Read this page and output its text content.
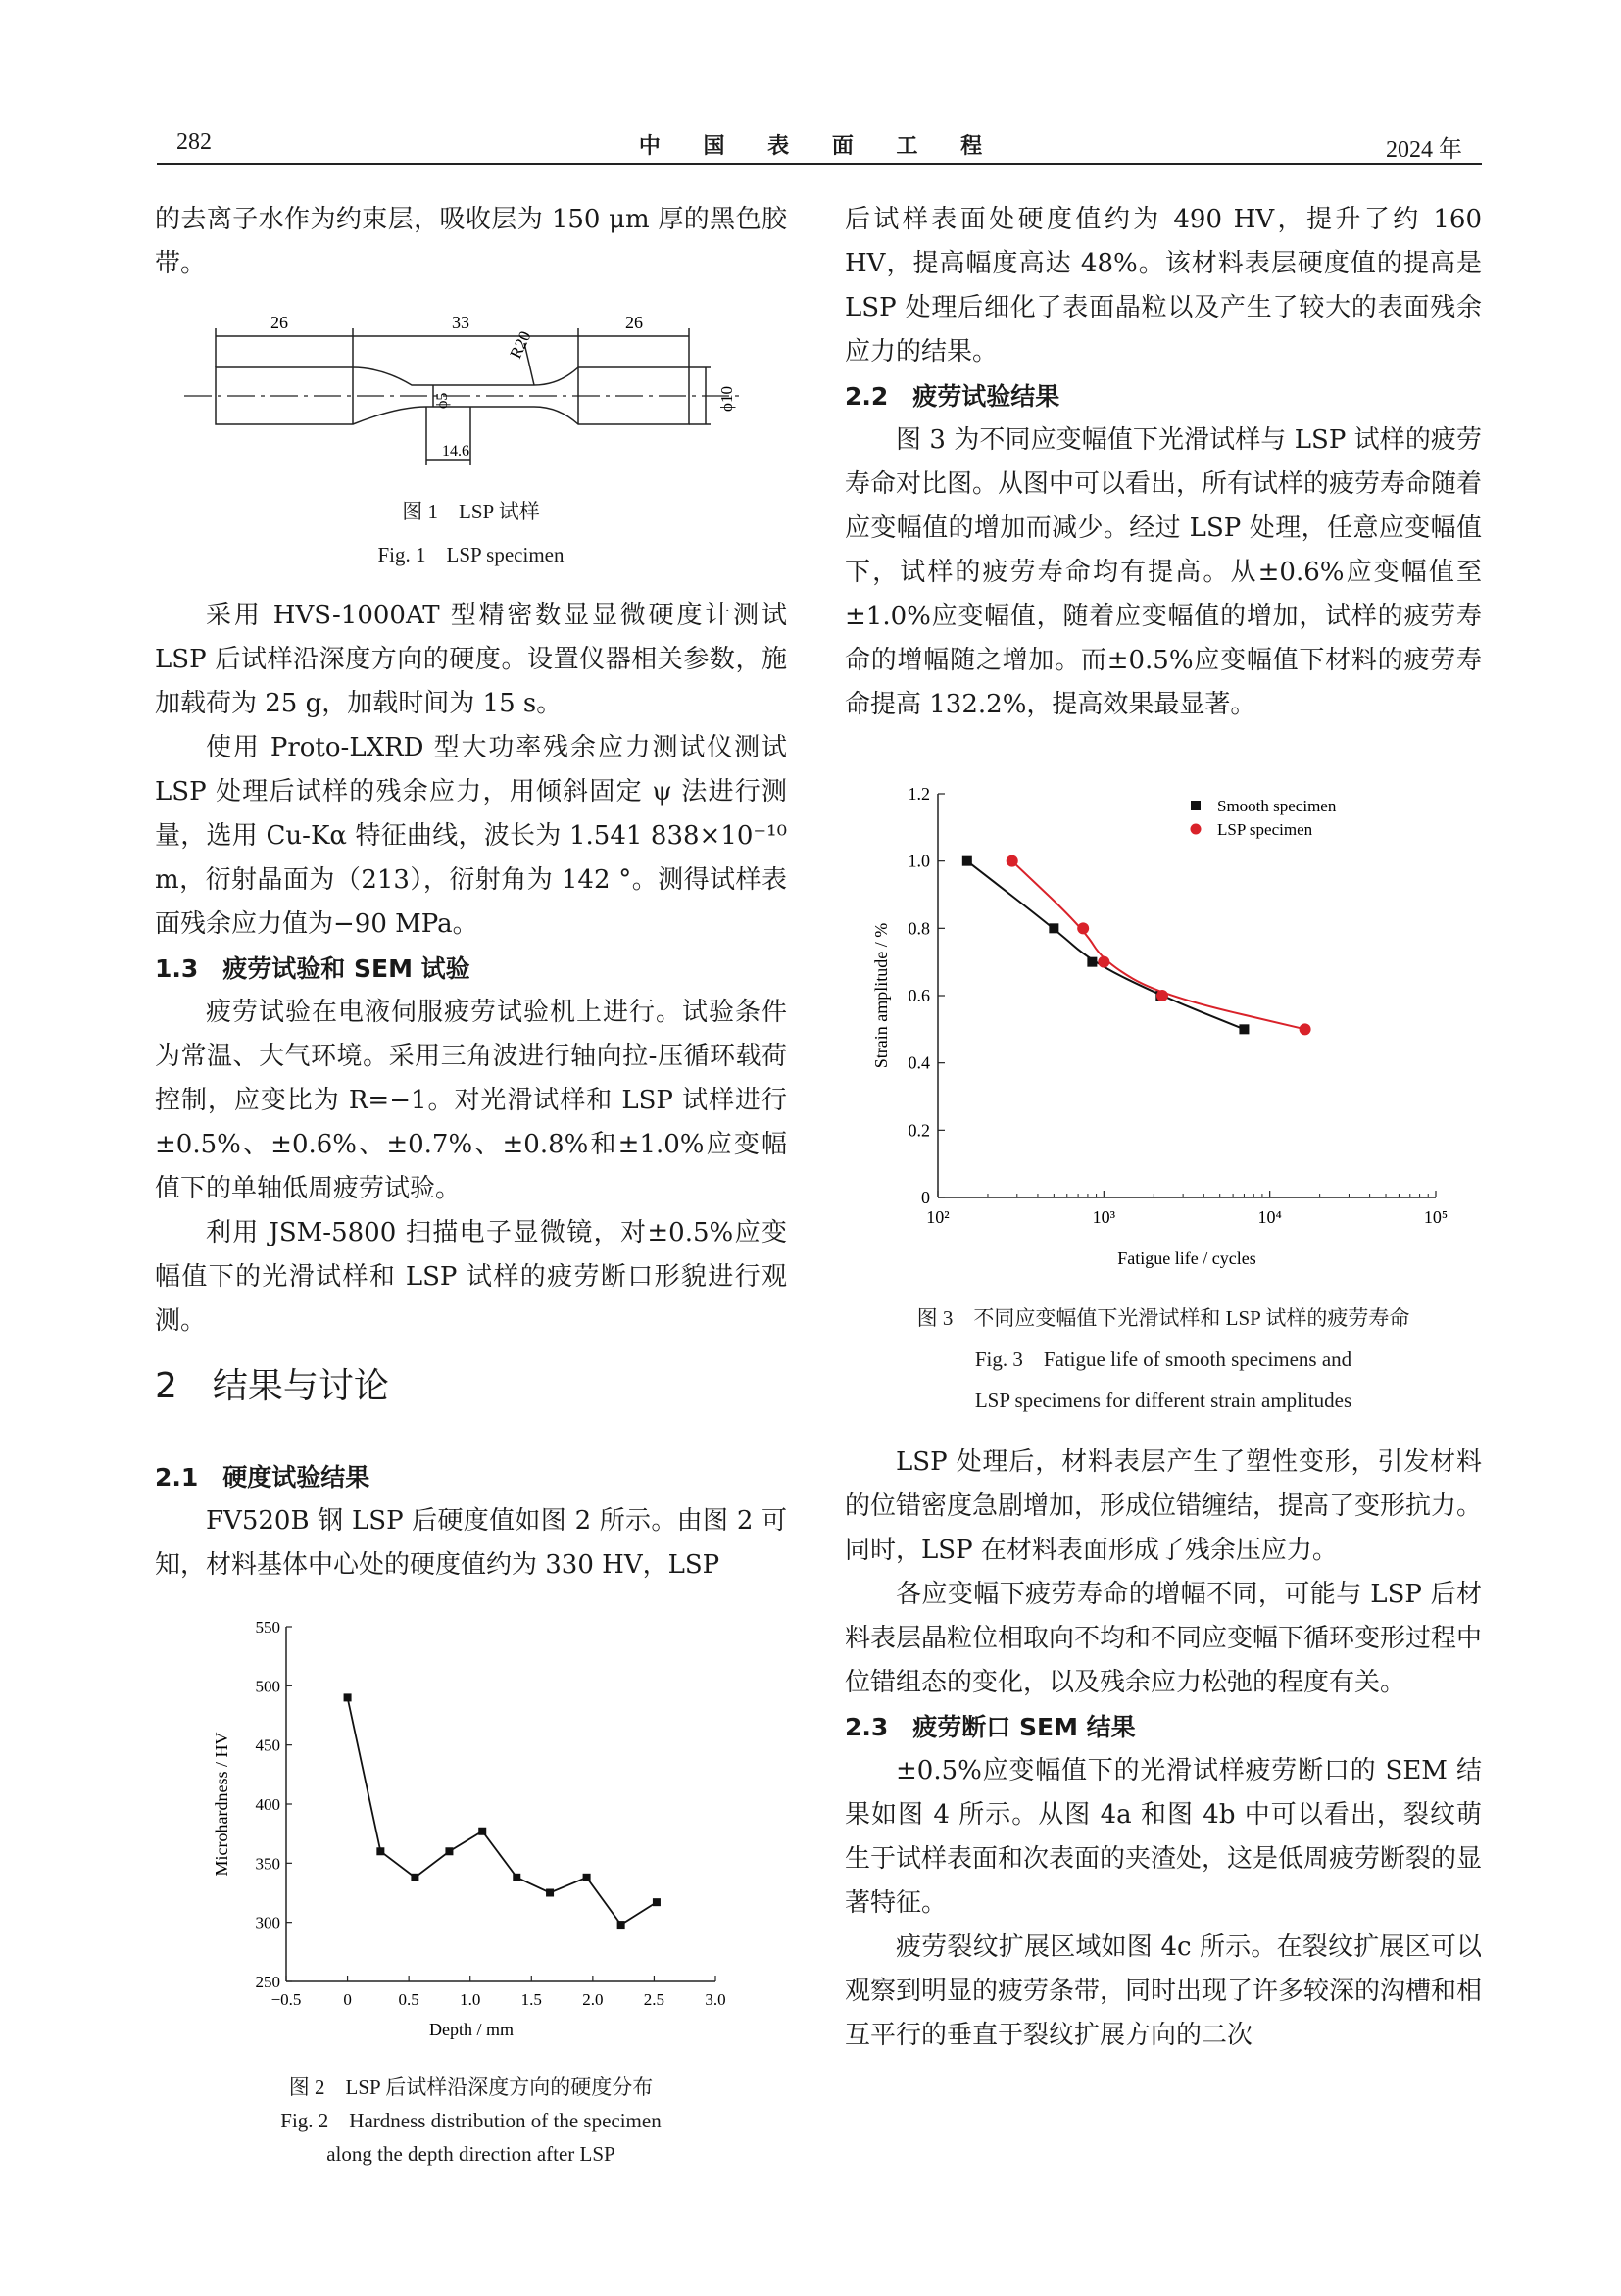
282	中 国 表 面 工 程	2024 年

的去离子水作为约束层，吸收层为 150 μm 厚的黑色胶带。

26	33	26
R20
ϕ5	ϕ10
14.6
图 1　LSP 试样
Fig. 1　LSP specimen

采用 HVS-1000AT 型精密数显显微硬度计测试 LSP 后试样沿深度方向的硬度。设置仪器相关参数，施加载荷为 25 g，加载时间为 15 s。

使用 Proto-LXRD 型大功率残余应力测试仪测试 LSP 处理后试样的残余应力，用倾斜固定 ψ 法进行测量，选用 Cu-Kα 特征曲线，波长为 1.541 838×10⁻¹⁰ m，衍射晶面为（213），衍射角为 142 °。测得试样表面残余应力值为−90 MPa。

1.3　疲劳试验和 SEM 试验

疲劳试验在电液伺服疲劳试验机上进行。试验条件为常温、大气环境。采用三角波进行轴向拉-压循环载荷控制，应变比为 R=−1。对光滑试样和 LSP 试样进行±0.5%、±0.6%、±0.7%、±0.8%和±1.0%应变幅值下的单轴低周疲劳试验。

利用 JSM-5800 扫描电子显微镜，对±0.5%应变幅值下的光滑试样和 LSP 试样的疲劳断口形貌进行观测。

2　结果与讨论

2.1　硬度试验结果

FV520B 钢 LSP 后硬度值如图 2 所示。由图 2 可知，材料基体中心处的硬度值约为 330 HV，LSP

−0.5	0	0.5 1.0 1.5 2.0 2.5 3.0
250
300
350
400
450
500
550
Depth / mm
Microhardness / HV
图 2　LSP 后试样沿深度方向的硬度分布
Fig. 2　Hardness distribution of the specimen
along the depth direction after LSP

后试样表面处硬度值约为 490 HV，提升了约 160 HV，提高幅度高达 48%。该材料表层硬度值的提高是 LSP 处理后细化了表面晶粒以及产生了较大的表面残余应力的结果。

2.2　疲劳试验结果

图 3 为不同应变幅值下光滑试样与 LSP 试样的疲劳寿命对比图。从图中可以看出，所有试样的疲劳寿命随着应变幅值的增加而减少。经过 LSP 处理，任意应变幅值下，试样的疲劳寿命均有提高。从±0.6%应变幅值至±1.0%应变幅值，随着应变幅值的增加，试样的疲劳寿命的增幅随之增加。而±0.5%应变幅值下材料的疲劳寿命提高 132.2%，提高效果最显著。

10²	10³	10⁴	10⁵
0
0.2
0.4
0.6
0.8
1.0
1.2
Fatigue life / cycles
Strain amplitude / %
Smooth specimen
LSP specimen
图 3　不同应变幅值下光滑试样和 LSP 试样的疲劳寿命
Fig. 3　Fatigue life of smooth specimens and
LSP specimens for different strain amplitudes

LSP 处理后，材料表层产生了塑性变形，引发材料的位错密度急剧增加，形成位错缠结，提高了变形抗力。同时，LSP 在材料表面形成了残余压应力。

各应变幅下疲劳寿命的增幅不同，可能与 LSP 后材料表层晶粒位相取向不均和不同应变幅下循环变形过程中位错组态的变化，以及残余应力松弛的程度有关。

2.3　疲劳断口 SEM 结果

±0.5%应变幅值下的光滑试样疲劳断口的 SEM 结果如图 4 所示。从图 4a 和图 4b 中可以看出，裂纹萌生于试样表面和次表面的夹渣处，这是低周疲劳断裂的显著特征。

疲劳裂纹扩展区域如图 4c 所示。在裂纹扩展区可以观察到明显的疲劳条带，同时出现了许多较深的沟槽和相互平行的垂直于裂纹扩展方向的二次
